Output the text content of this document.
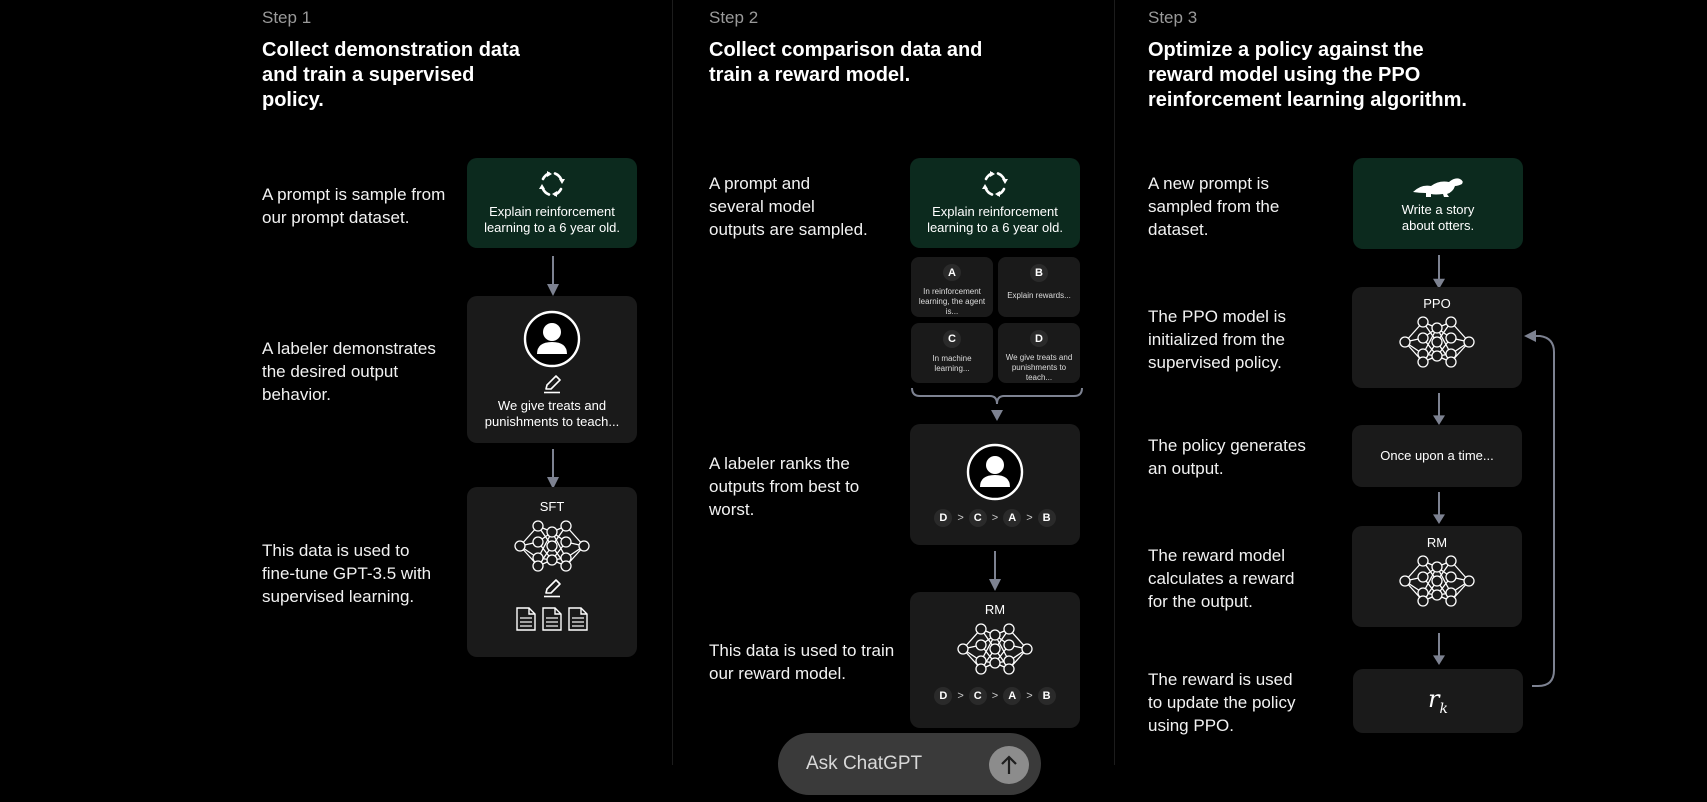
Step 1
Collect demonstration data and train a supervised policy.
A prompt is sample from our prompt dataset.
A labeler demonstrates the desired output behavior.
This data is used to fine-tune GPT-3.5 with supervised learning.
Explain reinforcement learning to a 6 year old.
We give treats and punishments to teach...
SFT
Step 2
Collect comparison data and train a reward model.
A prompt and several model outputs are sampled.
A labeler ranks the outputs from best to worst.
This data is used to train our reward model.
Explain reinforcement learning to a 6 year old.
A
In reinforcement learning, the agent is...
B
Explain rewards...
C
In machine learning...
D
We give treats and punishments to teach...
D > C > A > B
RM
D > C > A > B
Step 3
Optimize a policy against the reward model using the PPO reinforcement learning algorithm.
A new prompt is sampled from the dataset.
The PPO model is initialized from the supervised policy.
The policy generates an output.
The reward model calculates a reward for the output.
The reward is used to update the policy using PPO.
Write a story about otters.
PPO
Once upon a time...
RM
$r_k$
Ask ChatGPT
